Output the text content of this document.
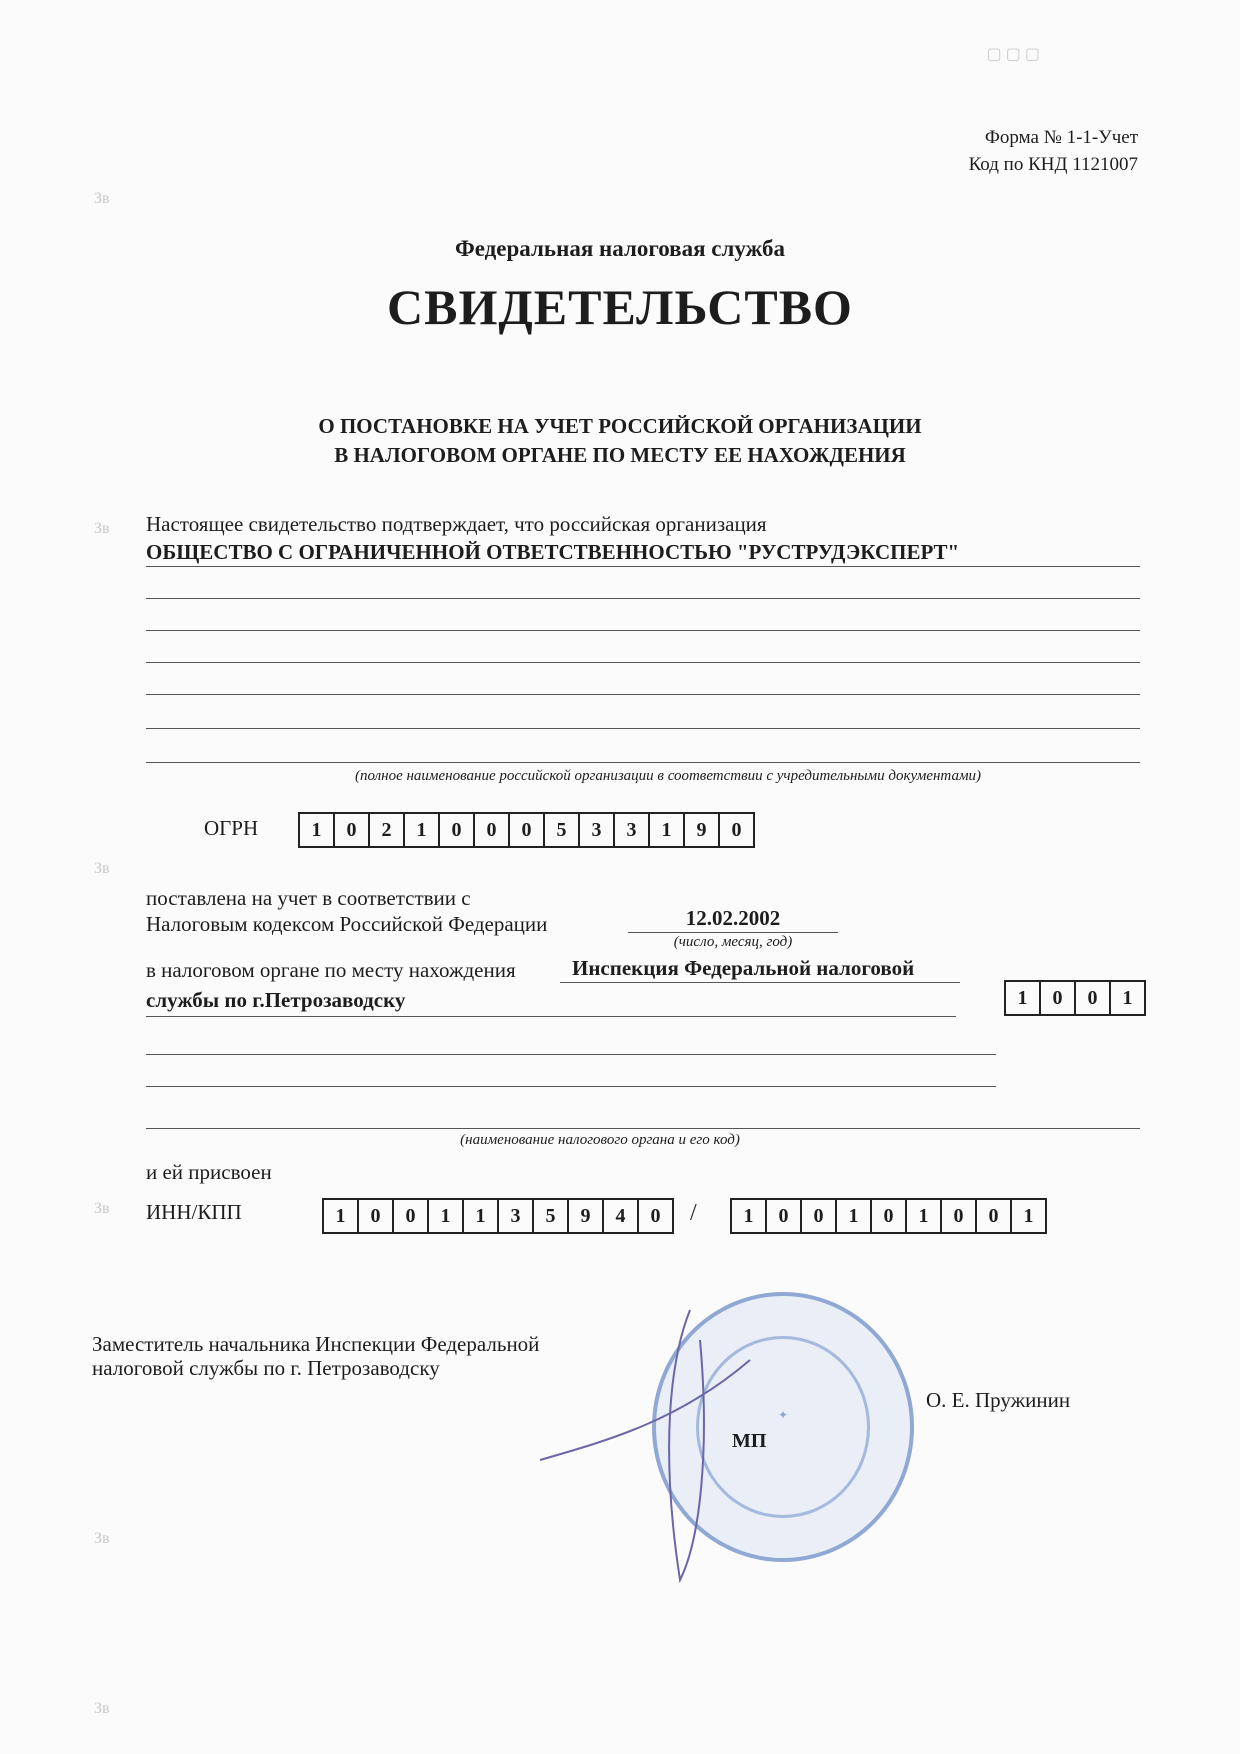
▢ ▢ ▢
Зв
Зв
Зв
Зв
Зв
Зв
Форма № 1-1-Учет
Код по КНД 1121007
Федеральная налоговая служба
СВИДЕТЕЛЬСТВО
О ПОСТАНОВКЕ НА УЧЕТ РОССИЙСКОЙ ОРГАНИЗАЦИИ
В НАЛОГОВОМ ОРГАНЕ ПО МЕСТУ ЕЕ НАХОЖДЕНИЯ
Настоящее свидетельство подтверждает, что российская организация
ОБЩЕСТВО С ОГРАНИЧЕННОЙ ОТВЕТСТВЕННОСТЬЮ "РУСТРУДЭКСПЕРТ"
(полное наименование российской организации в соответствии с учредительными документами)
ОГРН	1	0	2	1	0	0	0	5	3	3	1	9	0
поставлена на учет в соответствии с
Налоговым кодексом Российской Федерации	12.02.2002
(число, месяц, год)
в налоговом органе по месту нахождения	Инспекция Федеральной налоговой
службы по г.Петрозаводску	1	0	0	1
(наименование налогового органа и его код)
и ей присвоен
ИНН/КПП	1	0	0	1	1	3	5	9	4	0	/	1	0	0	1	0	1	0	0	1
Заместитель начальника Инспекции Федеральной
налоговой службы по г. Петрозаводску
✦
МП
О. Е. Пружинин
